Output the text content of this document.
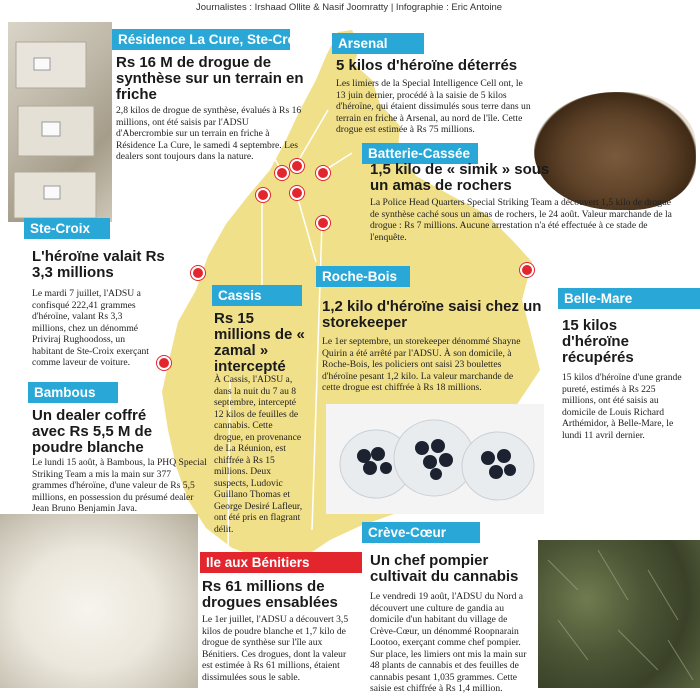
Journalistes : Irshaad Ollite & Nasif Joomratty | Infographie : Eric Antoine
Résidence La Cure, Ste-Croix
Rs 16 M de drogue de synthèse sur un terrain en friche
2,8 kilos de drogue de synthèse, évalués à Rs 16 millions, ont été saisis par l'ADSU d'Abercrombie sur un terrain en friche à Résidence La Cure, le samedi 4 septembre. Les dealers sont toujours dans la nature.
Arsenal
5 kilos d'héroïne déterrés
Les limiers de la Special Intelligence Cell ont, le 13 juin dernier, procédé à la saisie de 5 kilos d'héroïne, qui étaient dissimulés sous terre dans un terrain en friche à Arsenal, au nord de l'île. Cette drogue est estimée à Rs 75 millions.
Batterie-Cassée
1,5 kilo de « simik » sous un amas de rochers
La Police Head Quarters Special Striking Team a découvert 1,5 kilo de drogue de synthèse caché sous un amas de rochers, le 24 août. Valeur marchande de la drogue : Rs 7 millions. Aucune arrestation n'a été effectuée à ce stade de l'enquête.
Ste-Croix
L'héroïne valait Rs 3,3 millions
Le mardi 7 juillet, l'ADSU a confisqué 222,41 grammes d'héroïne, valant Rs 3,3 millions, chez un dénommé Priviraj Rughoodoss, un habitant de Ste-Croix exerçant comme laveur de voiture.
Cassis
Rs 15 millions de « zamal » intercepté
À Cassis, l'ADSU a, dans la nuit du 7 au 8 septembre, intercepté 12 kilos de feuilles de cannabis. Cette drogue, en provenance de La Réunion, est chiffrée à Rs 15 millions. Deux suspects, Ludovic Guillano Thomas et George Desiré Lafleur, ont été pris en flagrant délit.
Roche-Bois
1,2 kilo d'héroïne saisi chez un storekeeper
Le 1er septembre, un storekeeper dénommé Shayne Quirin a été arrêté par l'ADSU. À son domicile, à Roche-Bois, les policiers ont saisi 23 boulettes d'héroïne pesant 1,2 kilo. La valeur marchande de cette drogue est chiffrée à Rs 18 millions.
Belle-Mare
15 kilos d'héroïne récupérés
15 kilos d'héroïne d'une grande pureté, estimés à Rs 225 millions, ont été saisis au domicile de Louis Richard Arthémidor, à Belle-Mare, le lundi 11 avril dernier.
Bambous
Un dealer coffré avec Rs 5,5 M de poudre blanche
Le lundi 15 août, à Bambous, la PHQ Special Striking Team a mis la main sur 377 grammes d'héroïne, d'une valeur de Rs 5,5 millions, en possession du présumé dealer Jean Bruno Benjamin Java.
Ile aux Bénitiers
Rs 61 millions de drogues ensablées
Le 1er juillet, l'ADSU a découvert 3,5 kilos de poudre blanche et 1,7 kilo de drogue de synthèse sur l'île aux Bénitiers. Ces drogues, dont la valeur est estimée à Rs 61 millions, étaient dissimulées sous le sable.
Crève-Cœur
Un chef pompier cultivait du cannabis
Le vendredi 19 août, l'ADSU du Nord a découvert une culture de gandia au domicile d'un habitant du village de Crève-Cœur, un dénommé Roopnarain Lootoo, exerçant comme chef pompier. Sur place, les limiers ont mis la main sur 48 plants de cannabis et des feuilles de cannabis pesant 1,035 grammes. Cette saisie est chiffrée à Rs 1,4 million.
